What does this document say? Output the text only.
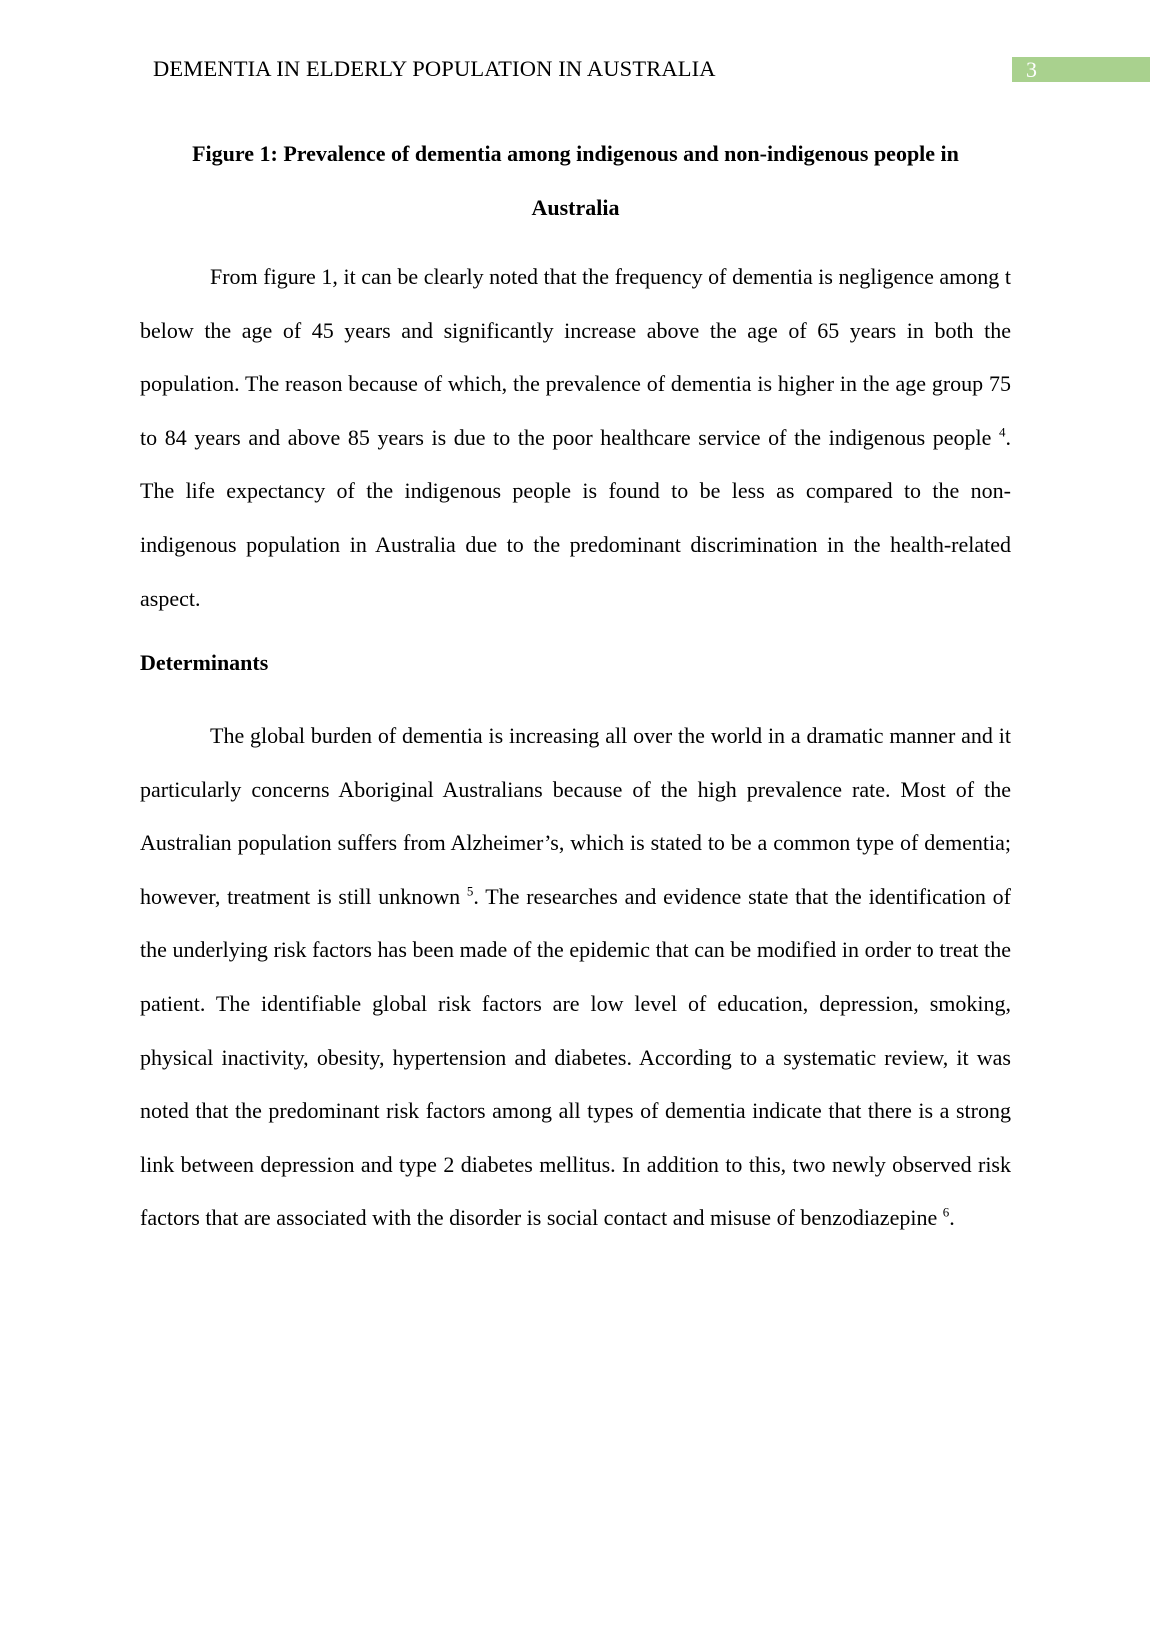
DEMENTIA IN ELDERLY POPULATION IN AUSTRALIA	3
Figure 1: Prevalence of dementia among indigenous and non-indigenous people in
Australia

From figure 1, it can be clearly noted that the frequency of dementia is negligence among t below the age of 45 years and significantly increase above the age of 65 years in both the population. The reason because of which, the prevalence of dementia is higher in the age group 75 to 84 years and above 85 years is due to the poor healthcare service of the indigenous people $^4$. The life expectancy of the indigenous people is found to be less as compared to the non-indigenous population in Australia due to the predominant discrimination in the health-related aspect.

Determinants

The global burden of dementia is increasing all over the world in a dramatic manner and it particularly concerns Aboriginal Australians because of the high prevalence rate. Most of the Australian population suffers from Alzheimer’s, which is stated to be a common type of dementia; however, treatment is still unknown $^5$. The researches and evidence state that the identification of the underlying risk factors has been made of the epidemic that can be modified in order to treat the patient. The identifiable global risk factors are low level of education, depression, smoking, physical inactivity, obesity, hypertension and diabetes. According to a systematic review, it was noted that the predominant risk factors among all types of dementia indicate that there is a strong link between depression and type 2 diabetes mellitus. In addition to this, two newly observed risk factors that are associated with the disorder is social contact and misuse of benzodiazepine $^6$.
